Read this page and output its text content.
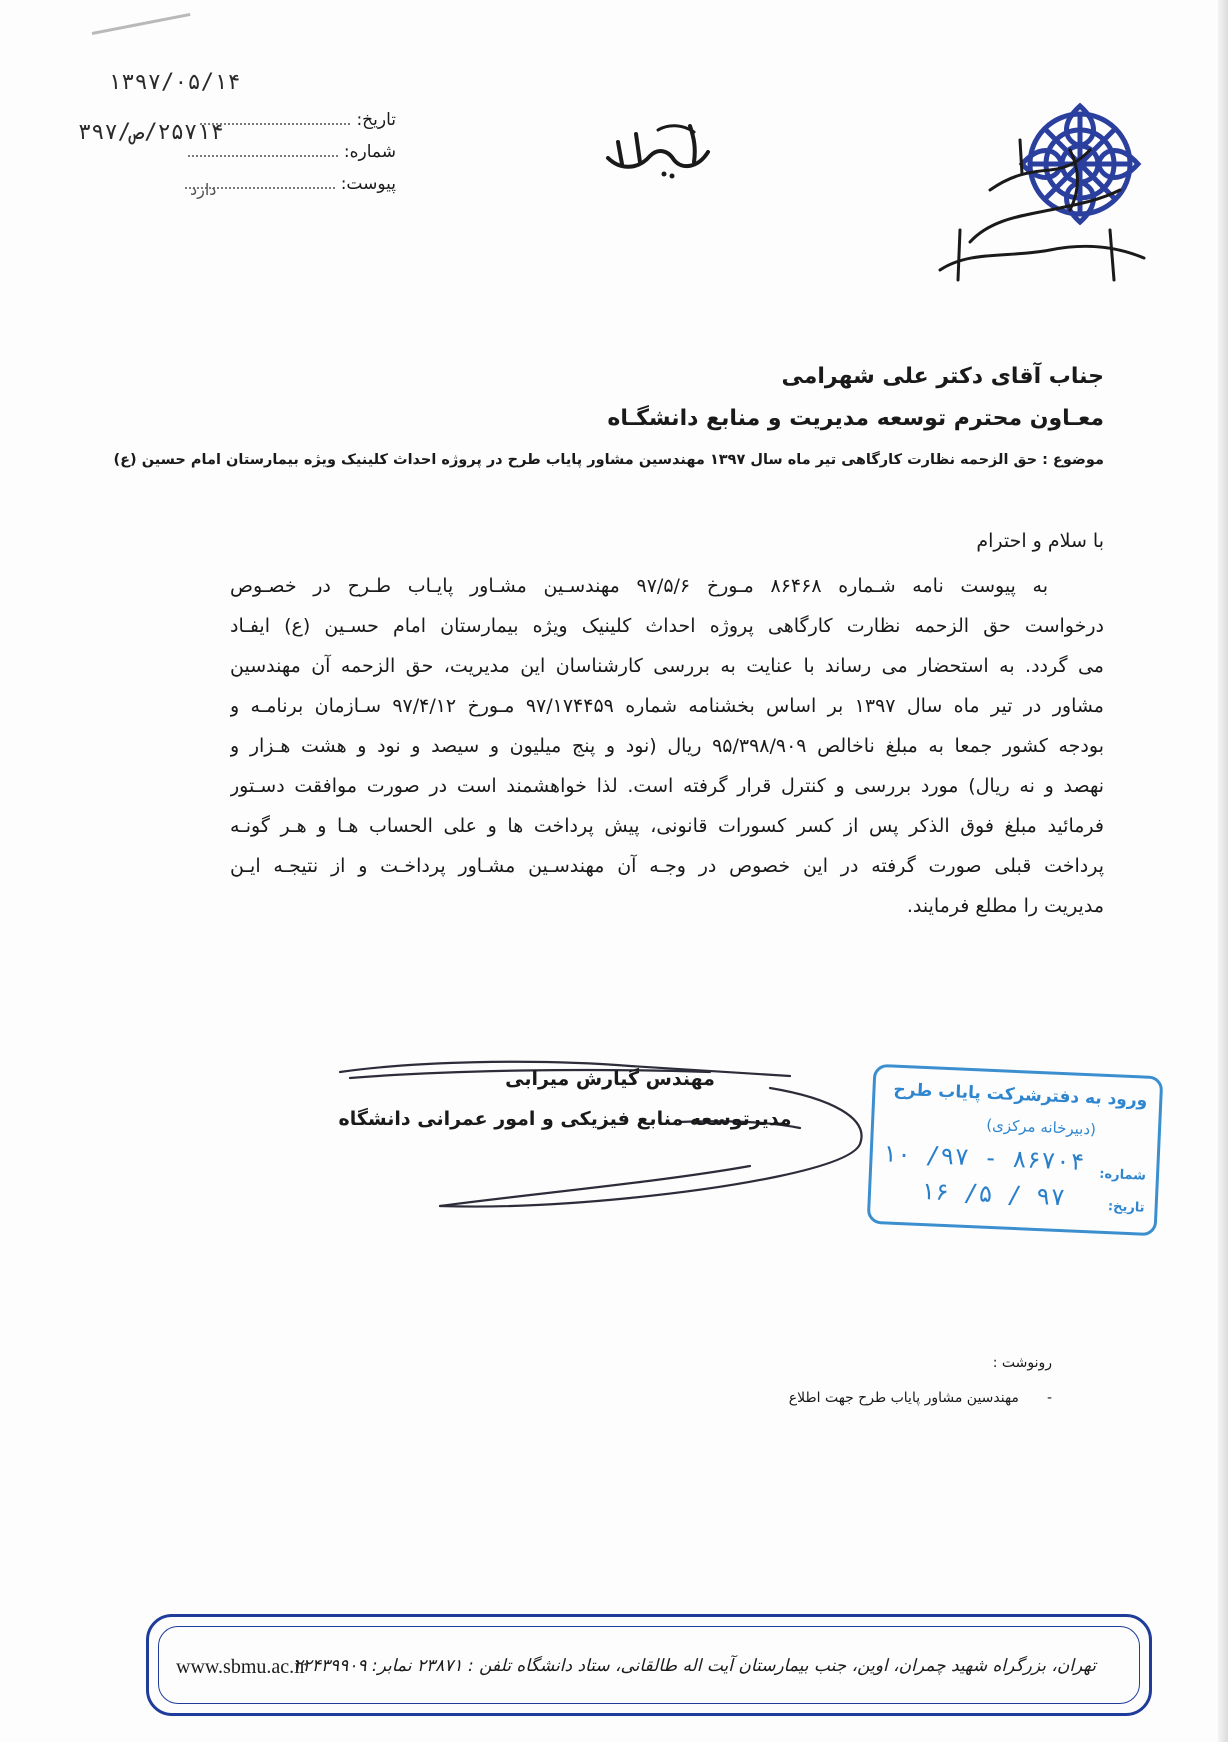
۱۳۹۷/۰۵/۱۴
تاریخ:
شماره:
پیوست:
۲۵۷۱۴/ص/۳۹۷
دارد
جناب آقای دکتر علی شهرامی
معـاون محترم توسعه مدیریت و منابع دانشگـاه
موضوع : حق الزحمه نظارت کارگاهی تیر ماه سال ۱۳۹۷ مهندسین مشاور پایاب طرح در پروژه احداث کلینیک ویژه بیمارستان امام حسین (ع)
با سلام و احترام
به پیوست نامه شـماره ۸۶۴۶۸ مـورخ ۹۷/۵/۶ مهندسـین مشـاور پایـاب طـرح در خصـوص
درخواست حق الزحمه نظارت کارگاهی پروژه احداث کلینیک ویژه بیمارستان امام حسـین (ع) ایفـاد
می گردد. به استحضار می رساند با عنایت به بررسی کارشناسان این مدیریت، حق الزحمه آن مهندسین
مشاور در تیر ماه سال ۱۳۹۷ بر اساس بخشنامه شماره ۹۷/۱۷۴۴۵۹ مـورخ ۹۷/۴/۱۲ سـازمان برنامـه و
بودجه کشور جمعا به مبلغ ناخالص ۹۵/۳۹۸/۹۰۹ ریال (نود و پنج میلیون و سیصد و نود و هشت هـزار و
نهصد و نه ریال) مورد بررسی و کنترل قرار گرفته است. لذا خواهشمند است در صورت موافقت دسـتور
فرمائید مبلغ فوق الذکر پس از کسر کسورات قانونی، پیش پرداخت ها و علی الحساب هـا و هـر گونـه
پرداخت قبلی صورت گرفته در این خصوص در وجـه آن مهندسـین مشـاور پرداخـت و از نتیجـه ایـن
مدیریت را مطلع فرمایند.
مهندس گیارش میرابی
مدیرتوسعه منابع فیزیکی و امور عمرانی دانشگاه
ورود به دفترشرکت پایاب طرح
(دبیرخانه مرکزی)
شماره:
تاریخ:
۸۶۷۰۴ - ۹۷/ ۱۰
۹۷ / ۵/ ۱۶
رونوشت :
-
مهندسین مشاور پایاب طرح جهت اطلاع
www.sbmu.ac.ir
تهران، بزرگراه شهید چمران، اوین، جنب بیمارستان آیت اله طالقانی، ستاد دانشگاه تلفن : ۲۳۸۷۱ نمابر: ۲۲۴۳۹۹۰۹
